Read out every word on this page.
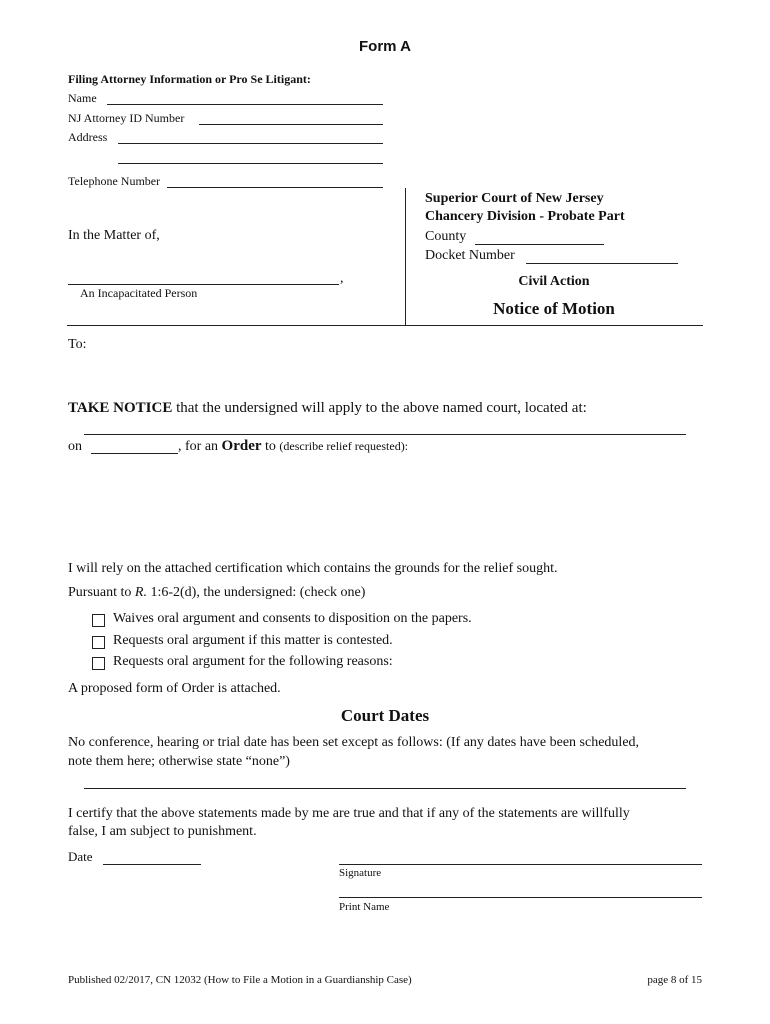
Form A
Filing Attorney Information or Pro Se Litigant:
Name
NJ Attorney ID Number
Address
Telephone Number
Superior Court of New Jersey
Chancery Division - Probate Part
County
Docket Number
Civil Action
Notice of Motion
In the Matter of,
,
An Incapacitated Person
To:
TAKE NOTICE that the undersigned will apply to the above named court, located at:
on	, for an Order to (describe relief requested):
I will rely on the attached certification which contains the grounds for the relief sought.
Pursuant to R. 1:6-2(d), the undersigned: (check one)
Waives oral argument and consents to disposition on the papers.
Requests oral argument if this matter is contested.
Requests oral argument for the following reasons:
A proposed form of Order is attached.
Court Dates
No conference, hearing or trial date has been set except as follows: (If any dates have been scheduled,
note them here; otherwise state “none”)
I certify that the above statements made by me are true and that if any of the statements are willfully
false, I am subject to punishment.
Date
Signature
Print Name
Published 02/2017, CN 12032 (How to File a Motion in a Guardianship Case)	page 8 of 15
